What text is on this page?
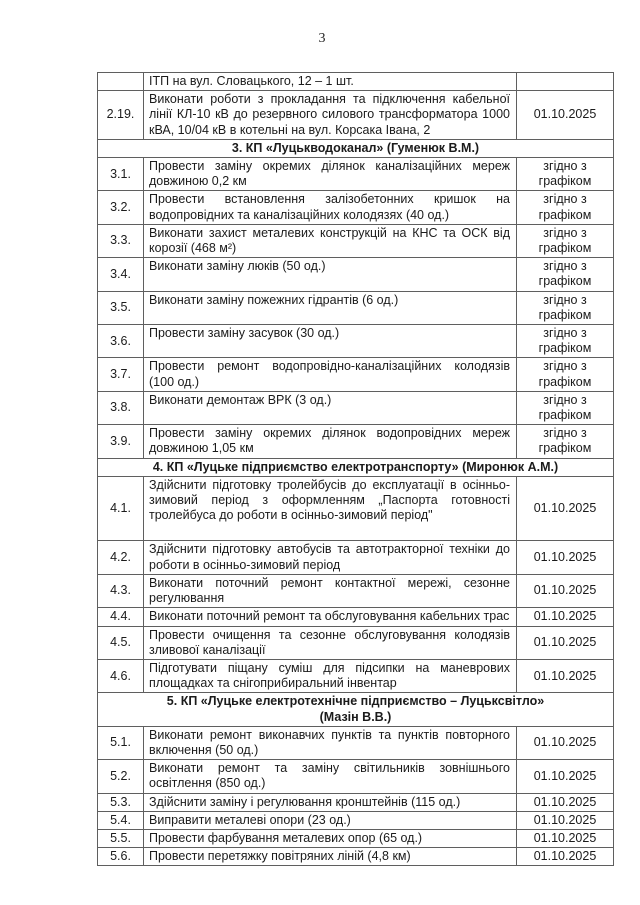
3
	ІТП на вул. Словацького, 12 – 1 шт.	
2.19.	Виконати роботи з прокладання та підключення кабельної лінії КЛ-10 кВ до резервного силового трансформатора 1000 кВА, 10/04 кВ в котельні на вул. Корсака Івана, 2	01.10.2025

3. КП «Луцькводоканал» (Гуменюк В.М.)		

3.1.	Провести заміну окремих ділянок каналізаційних мереж довжиною 0,2 км	згідно з графіком
3.2.	Провести встановлення залізобетонних кришок на водопровідних та каналізаційних колодязях (40 од.)	згідно з графіком
3.3.	Виконати захист металевих конструкцій на КНС та ОСК від корозії (468 м²)	згідно з графіком
3.4.	Виконати заміну люків (50 од.)	згідно з графіком
3.5.	Виконати заміну пожежних гідрантів (6 од.)	згідно з графіком
3.6.	Провести заміну засувок (30 од.)	згідно з графіком
3.7.	Провести ремонт водопровідно-каналізаційних колодязів (100 од.)	згідно з графіком
3.8.	Виконати демонтаж ВРК (3 од.)	згідно з графіком
3.9.	Провести заміну окремих ділянок водопровідних мереж довжиною 1,05 км	згідно з графіком

4. КП «Луцьке підприємство електротранспорту» (Миронюк А.М.)		

4.1.	Здійснити підготовку тролейбусів до експлуатації в осінньо-зимовий період з оформленням „Паспорта готовності тролейбуса до роботи в осінньо-зимовий період"	01.10.2025
4.2.	Здійснити підготовку автобусів та автотракторної техніки до роботи в осінньо-зимовий період	01.10.2025
4.3.	Виконати поточний ремонт контактної мережі, сезонне регулювання	01.10.2025
4.4.	Виконати поточний ремонт та обслуговування кабельних трас	01.10.2025
4.5.	Провести очищення та сезонне обслуговування колодязів зливової каналізації	01.10.2025
4.6.	Підготувати піщану суміш для підсипки на маневрових площадках та снігоприбиральний інвентар	01.10.2025

5. КП «Луцьке електротехнічне підприємство – Луцьксвітло»
(Мазін В.В.)		

5.1.	Виконати ремонт виконавчих пунктів та пунктів повторного включення (50 од.)	01.10.2025
5.2.	Виконати ремонт та заміну світильників зовнішнього освітлення (850 од.)	01.10.2025
5.3.	Здійснити заміну і регулювання кронштейнів (115 од.)	01.10.2025
5.4.	Виправити металеві опори (23 од.)	01.10.2025
5.5.	Провести фарбування металевих опор (65 од.)	01.10.2025
5.6.	Провести перетяжку повітряних ліній (4,8 км)	01.10.2025
